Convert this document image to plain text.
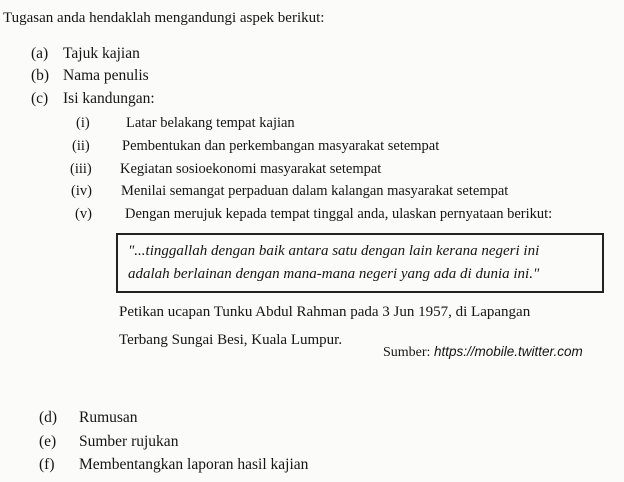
Tugasan anda hendaklah mengandungi aspek berikut:
(a) Tajuk kajian
(b) Nama penulis
(c) Isi kandungan:
(i)	Latar belakang tempat kajian
(ii) Pembentukan dan perkembangan masyarakat setempat
(iii) Kegiatan sosioekonomi masyarakat setempat
(iv) Menilai semangat perpaduan dalam kalangan masyarakat setempat
(v) Dengan merujuk kepada tempat tinggal anda, ulaskan pernyataan berikut:
"...tinggallah dengan baik antara satu dengan lain kerana negeri ini
adalah berlainan dengan mana-mana negeri yang ada di dunia ini."
Petikan ucapan Tunku Abdul Rahman pada 3 Jun 1957, di Lapangan
Terbang Sungai Besi, Kuala Lumpur.
Sumber: https://mobile.twitter.com
(d) Rumusan
(e) Sumber rujukan
(f) Membentangkan laporan hasil kajian
